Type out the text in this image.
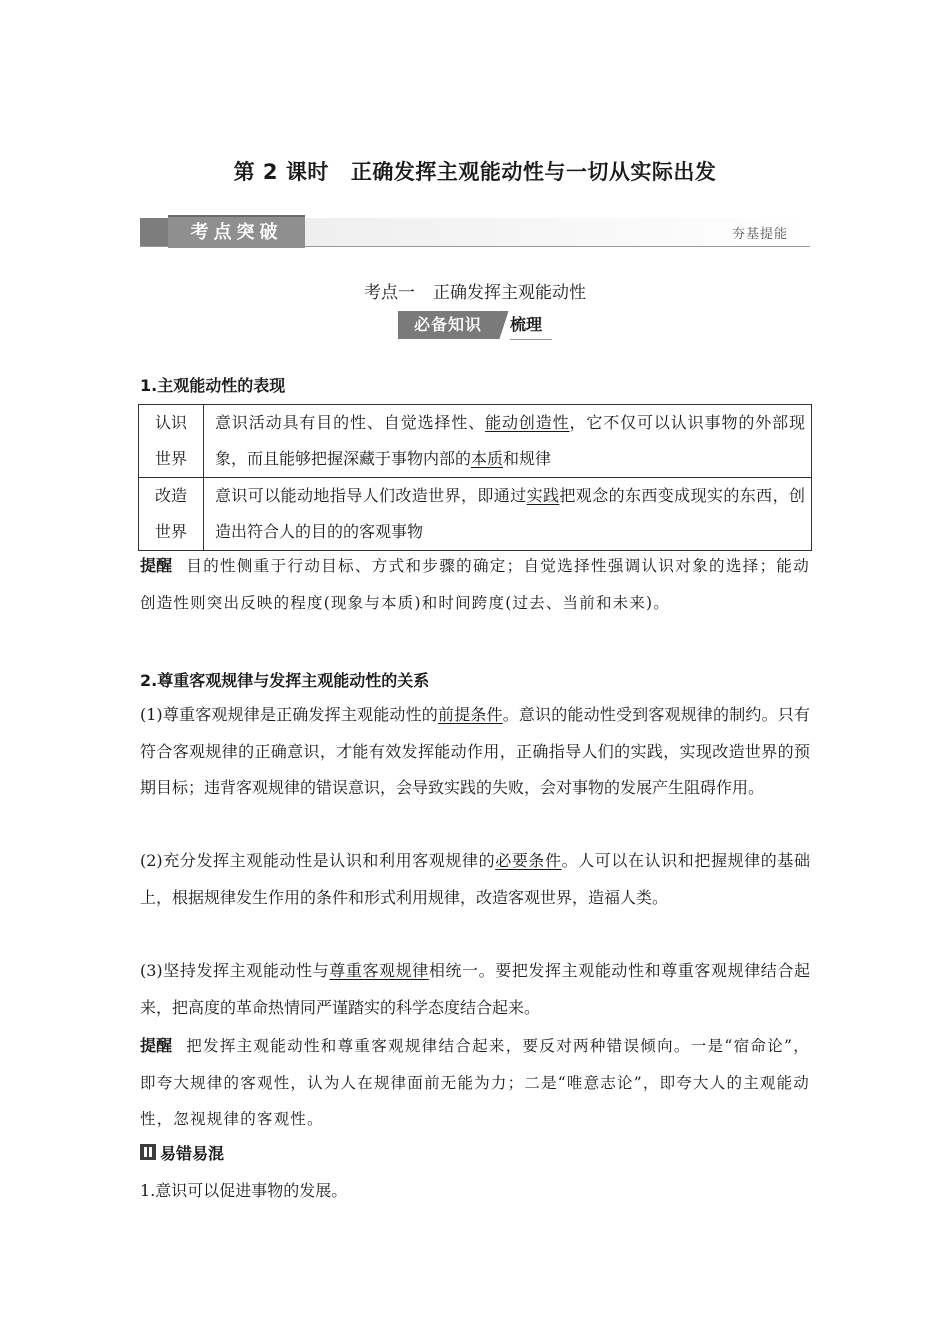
第 2 课时 正确发挥主观能动性与一切从实际出发
考点突破	夯基提能
考点一 正确发挥主观能动性
必备知识	梳理
1.主观能动性的表现
认识
世界	意识活动具有目的性、自觉选择性、能动创造性，它不仅可以认识事物的外部现象，而且能够把握深藏于事物内部的本质和规律
改造
世界	意识可以能动地指导人们改造世界，即通过实践把观念的东西变成现实的东西，创造出符合人的目的的客观事物
提醒 目的性侧重于行动目标、方式和步骤的确定；自觉选择性强调认识对象的选择；能动创造性则突出反映的程度(现象与本质)和时间跨度(过去、当前和未来)。
2.尊重客观规律与发挥主观能动性的关系
(1)尊重客观规律是正确发挥主观能动性的前提条件。意识的能动性受到客观规律的制约。只有符合客观规律的正确意识，才能有效发挥能动作用，正确指导人们的实践，实现改造世界的预期目标；违背客观规律的错误意识，会导致实践的失败，会对事物的发展产生阻碍作用。
(2)充分发挥主观能动性是认识和利用客观规律的必要条件。人可以在认识和把握规律的基础上，根据规律发生作用的条件和形式利用规律，改造客观世界，造福人类。
(3)坚持发挥主观能动性与尊重客观规律相统一。要把发挥主观能动性和尊重客观规律结合起来，把高度的革命热情同严谨踏实的科学态度结合起来。
提醒 把发挥主观能动性和尊重客观规律结合起来，要反对两种错误倾向。一是“宿命论”，即夸大规律的客观性，认为人在规律面前无能为力；二是“唯意志论”，即夸大人的主观能动性，忽视规律的客观性。
易错易混
1.意识可以促进事物的发展。
